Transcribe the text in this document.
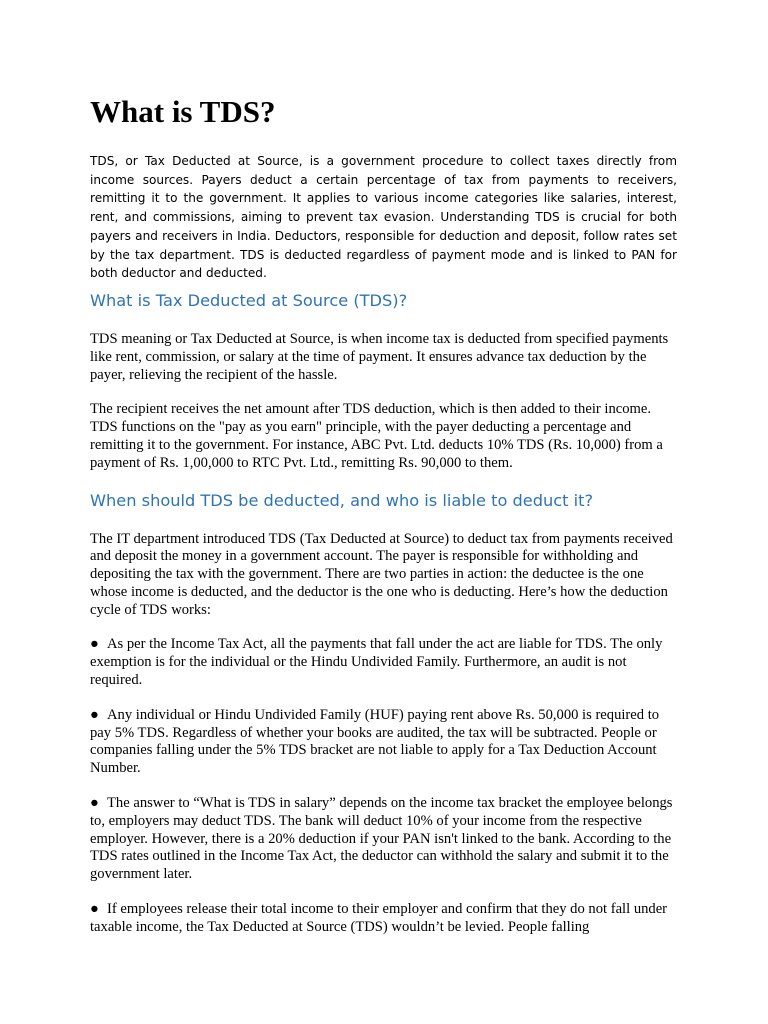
What is TDS?

TDS, or Tax Deducted at Source, is a government procedure to collect taxes directly from income sources. Payers deduct a certain percentage of tax from payments to receivers, remitting it to the government. It applies to various income categories like salaries, interest, rent, and commissions, aiming to prevent tax evasion. Understanding TDS is crucial for both payers and receivers in India. Deductors, responsible for deduction and deposit, follow rates set by the tax department. TDS is deducted regardless of payment mode and is linked to PAN for both deductor and deducted.

What is Tax Deducted at Source (TDS)?

TDS meaning or Tax Deducted at Source, is when income tax is deducted from specified payments like rent, commission, or salary at the time of payment. It ensures advance tax deduction by the payer, relieving the recipient of the hassle.

The recipient receives the net amount after TDS deduction, which is then added to their income. TDS functions on the "pay as you earn" principle, with the payer deducting a percentage and remitting it to the government. For instance, ABC Pvt. Ltd. deducts 10% TDS (Rs. 10,000) from a payment of Rs. 1,00,000 to RTC Pvt. Ltd., remitting Rs. 90,000 to them.

When should TDS be deducted, and who is liable to deduct it?

The IT department introduced TDS (Tax Deducted at Source) to deduct tax from payments received and deposit the money in a government account. The payer is responsible for withholding and depositing the tax with the government. There are two parties in action: the deductee is the one whose income is deducted, and the deductor is the one who is deducting. Here’s how the deduction cycle of TDS works:

● As per the Income Tax Act, all the payments that fall under the act are liable for TDS. The only exemption is for the individual or the Hindu Undivided Family. Furthermore, an audit is not required.

● Any individual or Hindu Undivided Family (HUF) paying rent above Rs. 50,000 is required to pay 5% TDS. Regardless of whether your books are audited, the tax will be subtracted. People or companies falling under the 5% TDS bracket are not liable to apply for a Tax Deduction Account Number.

● The answer to “What is TDS in salary” depends on the income tax bracket the employee belongs to, employers may deduct TDS. The bank will deduct 10% of your income from the respective employer. However, there is a 20% deduction if your PAN isn't linked to the bank. According to the TDS rates outlined in the Income Tax Act, the deductor can withhold the salary and submit it to the government later.

● If employees release their total income to their employer and confirm that they do not fall under taxable income, the Tax Deducted at Source (TDS) wouldn’t be levied. People falling
